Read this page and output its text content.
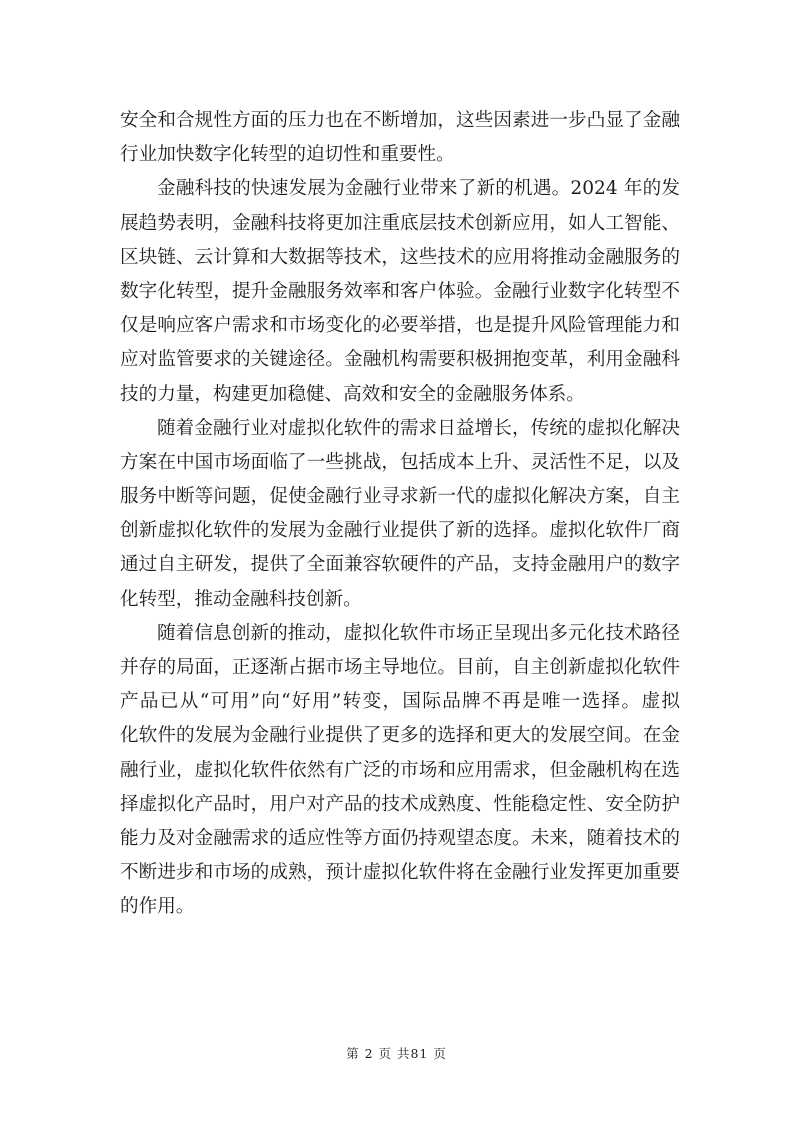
安全和合规性方面的压力也在不断增加，这些因素进一步凸显了金融
行业加快数字化转型的迫切性和重要性。
金融科技的快速发展为金融行业带来了新的机遇。2024 年的发
展趋势表明，金融科技将更加注重底层技术创新应用，如人工智能、
区块链、云计算和大数据等技术，这些技术的应用将推动金融服务的
数字化转型，提升金融服务效率和客户体验。金融行业数字化转型不
仅是响应客户需求和市场变化的必要举措，也是提升风险管理能力和
应对监管要求的关键途径。金融机构需要积极拥抱变革，利用金融科
技的力量，构建更加稳健、高效和安全的金融服务体系。
随着金融行业对虚拟化软件的需求日益增长，传统的虚拟化解决
方案在中国市场面临了一些挑战，包括成本上升、灵活性不足，以及
服务中断等问题，促使金融行业寻求新一代的虚拟化解决方案，自主
创新虚拟化软件的发展为金融行业提供了新的选择。虚拟化软件厂商
通过自主研发，提供了全面兼容软硬件的产品，支持金融用户的数字
化转型，推动金融科技创新。
随着信息创新的推动，虚拟化软件市场正呈现出多元化技术路径
并存的局面，正逐渐占据市场主导地位。目前，自主创新虚拟化软件
产品已从“可用”向“好用”转变，国际品牌不再是唯一选择。虚拟
化软件的发展为金融行业提供了更多的选择和更大的发展空间。在金
融行业，虚拟化软件依然有广泛的市场和应用需求，但金融机构在选
择虚拟化产品时，用户对产品的技术成熟度、性能稳定性、安全防护
能力及对金融需求的适应性等方面仍持观望态度。未来，随着技术的
不断进步和市场的成熟，预计虚拟化软件将在金融行业发挥更加重要
的作用。
第 2 页 共81 页
